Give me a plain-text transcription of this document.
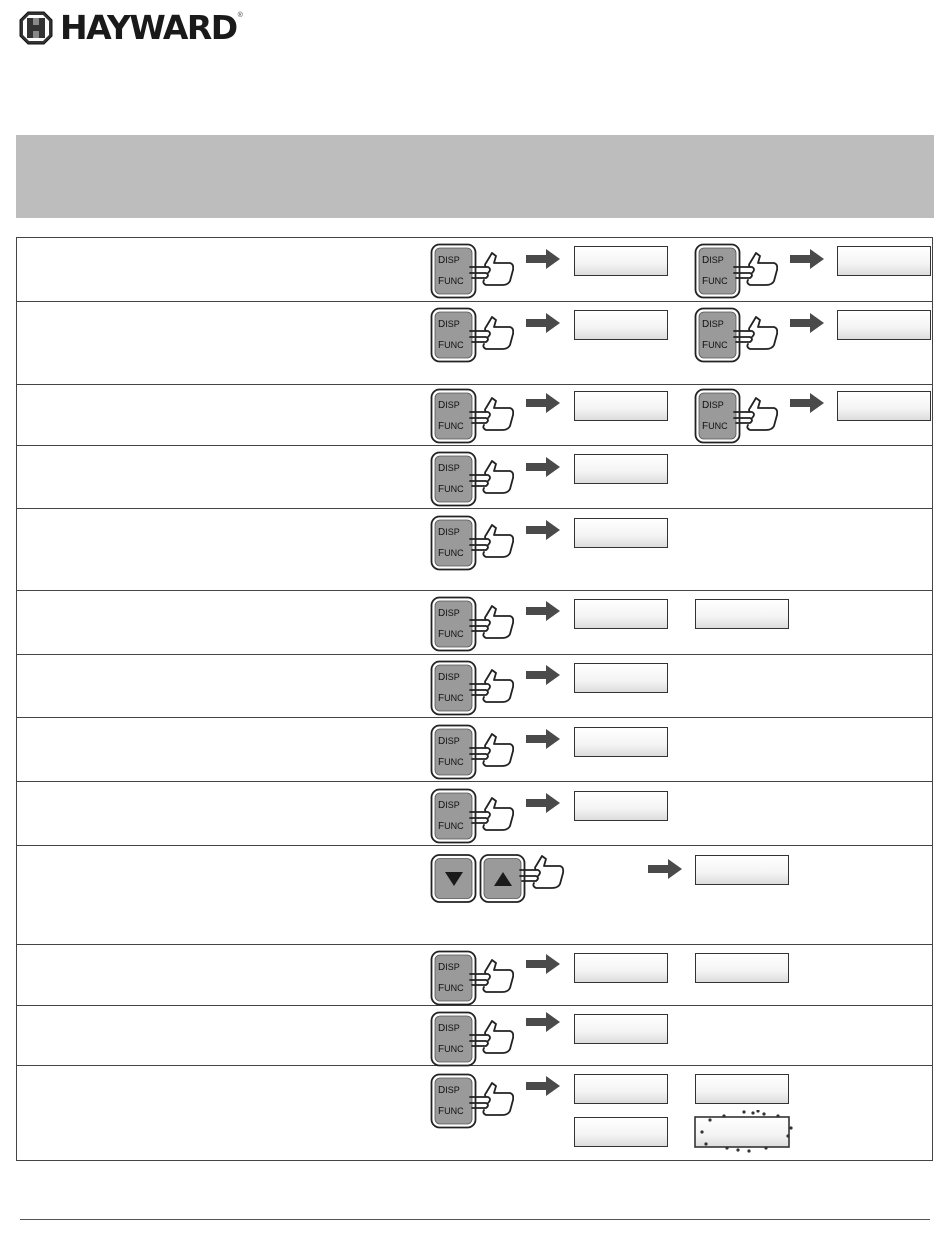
HAYWARD ®
